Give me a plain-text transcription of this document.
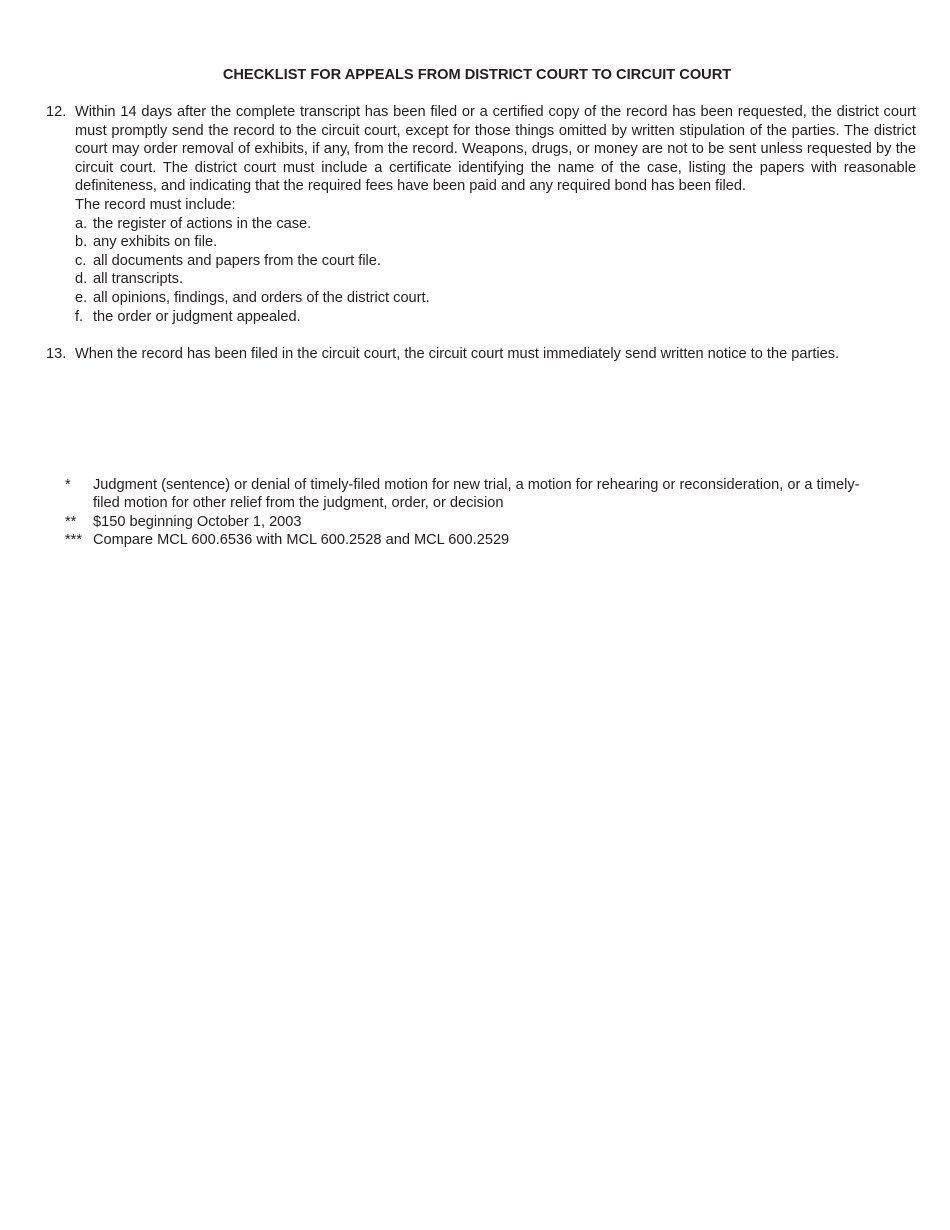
CHECKLIST FOR APPEALS FROM DISTRICT COURT TO CIRCUIT COURT
12. Within 14 days after the complete transcript has been filed or a certified copy of the record has been requested, the district court must promptly send the record to the circuit court, except for those things omitted by written stipulation of the parties. The district court may order removal of exhibits, if any, from the record. Weapons, drugs, or money are not to be sent unless requested by the circuit court. The district court must include a certificate identifying the name of the case, listing the papers with reasonable definiteness, and indicating that the required fees have been paid and any required bond has been filed.
The record must include:
a. the register of actions in the case.
b. any exhibits on file.
c. all documents and papers from the court file.
d. all transcripts.
e. all opinions, findings, and orders of the district court.
f. the order or judgment appealed.
13. When the record has been filed in the circuit court, the circuit court must immediately send written notice to the parties.
* Judgment (sentence) or denial of timely-filed motion for new trial, a motion for rehearing or reconsideration, or a timely-filed motion for other relief from the judgment, order, or decision
** $150 beginning October 1, 2003
*** Compare MCL 600.6536 with MCL 600.2528 and MCL 600.2529
